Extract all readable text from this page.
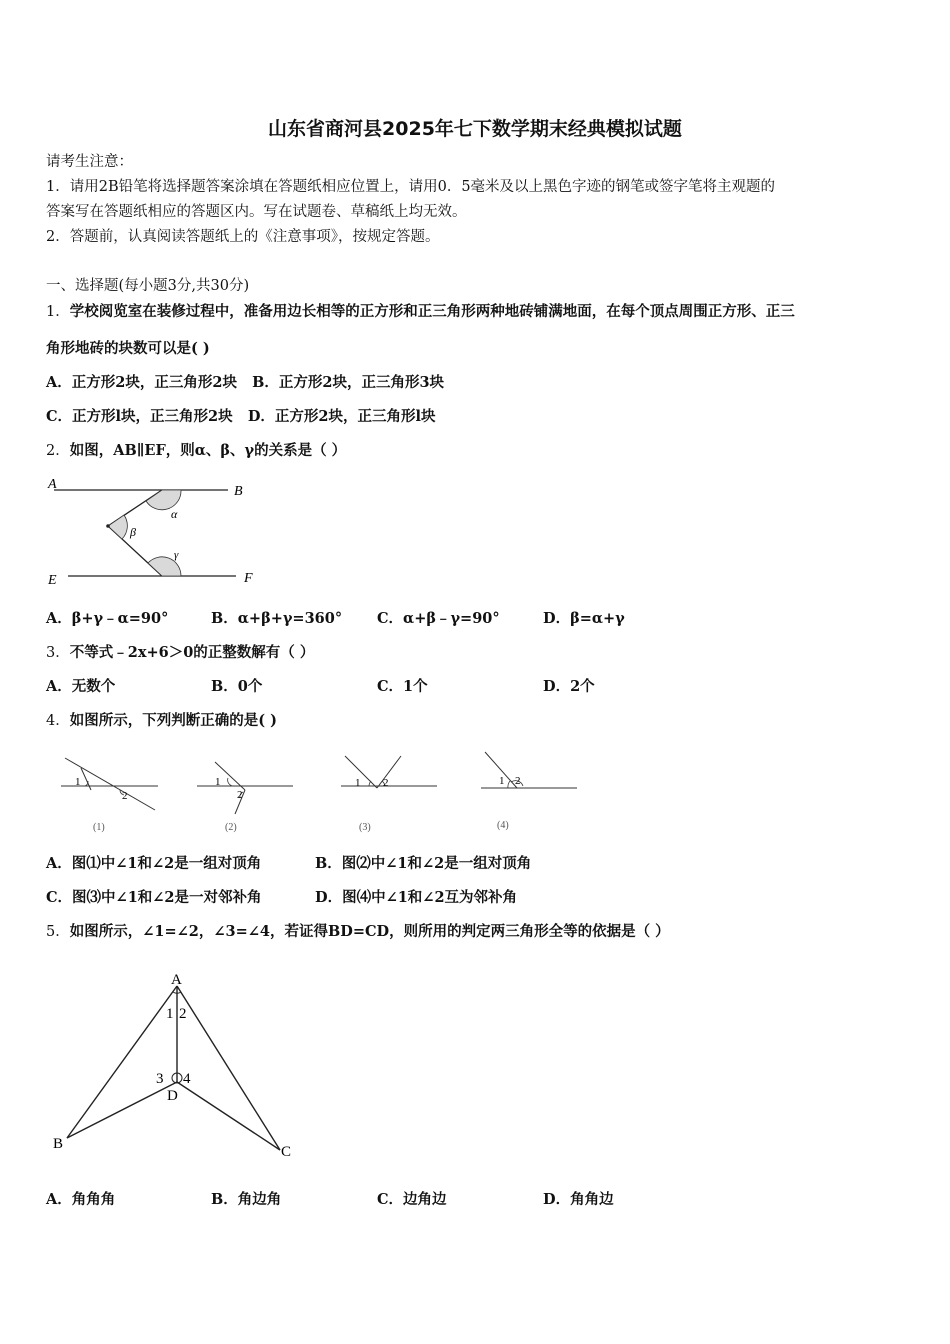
山东省商河县2025年七下数学期末经典模拟试题
请考生注意：
1．请用2B铅笔将选择题答案涂填在答题纸相应位置上，请用0．5毫米及以上黑色字迹的钢笔或签字笔将主观题的
答案写在答题纸相应的答题区内。写在试题卷、草稿纸上均无效。
2．答题前，认真阅读答题纸上的《注意事项》，按规定答题。
一、选择题(每小题3分,共30分)
1．学校阅览室在装修过程中，准备用边长相等的正方形和正三角形两种地砖铺满地面，在每个顶点周围正方形、正三
角形地砖的块数可以是( )
A．正方形2块，正三角形2块 B．正方形2块，正三角形3块
C．正方形l块，正三角形2块 D．正方形2块，正三角形l块
2．如图，AB∥EF，则α、β、γ的关系是（ ）
A	B
E	F
α
β
γ
A．β+γ﹣α=90°	B．α+β+γ=360° C．α+β﹣γ=90°	D．β=α+γ
3．不等式﹣2x+6＞0的正整数解有（ ）
A．无数个	B．0个	C．1个	D．2个
4．如图所示，下列判断正确的是( )
1
2
(1)
1
2
(2)
1 2
(3)
1 2
(4)
A．图⑴中∠1和∠2是一组对顶角	B．图⑵中∠1和∠2是一组对顶角
C．图⑶中∠1和∠2是一对邻补角	D．图⑷中∠1和∠2互为邻补角
5．如图所示，∠1=∠2，∠3=∠4，若证得BD=CD，则所用的判定两三角形全等的依据是（ ）
A
1 2
3 4
D
B	C
A．角角角	B．角边角	C．边角边	D．角角边
